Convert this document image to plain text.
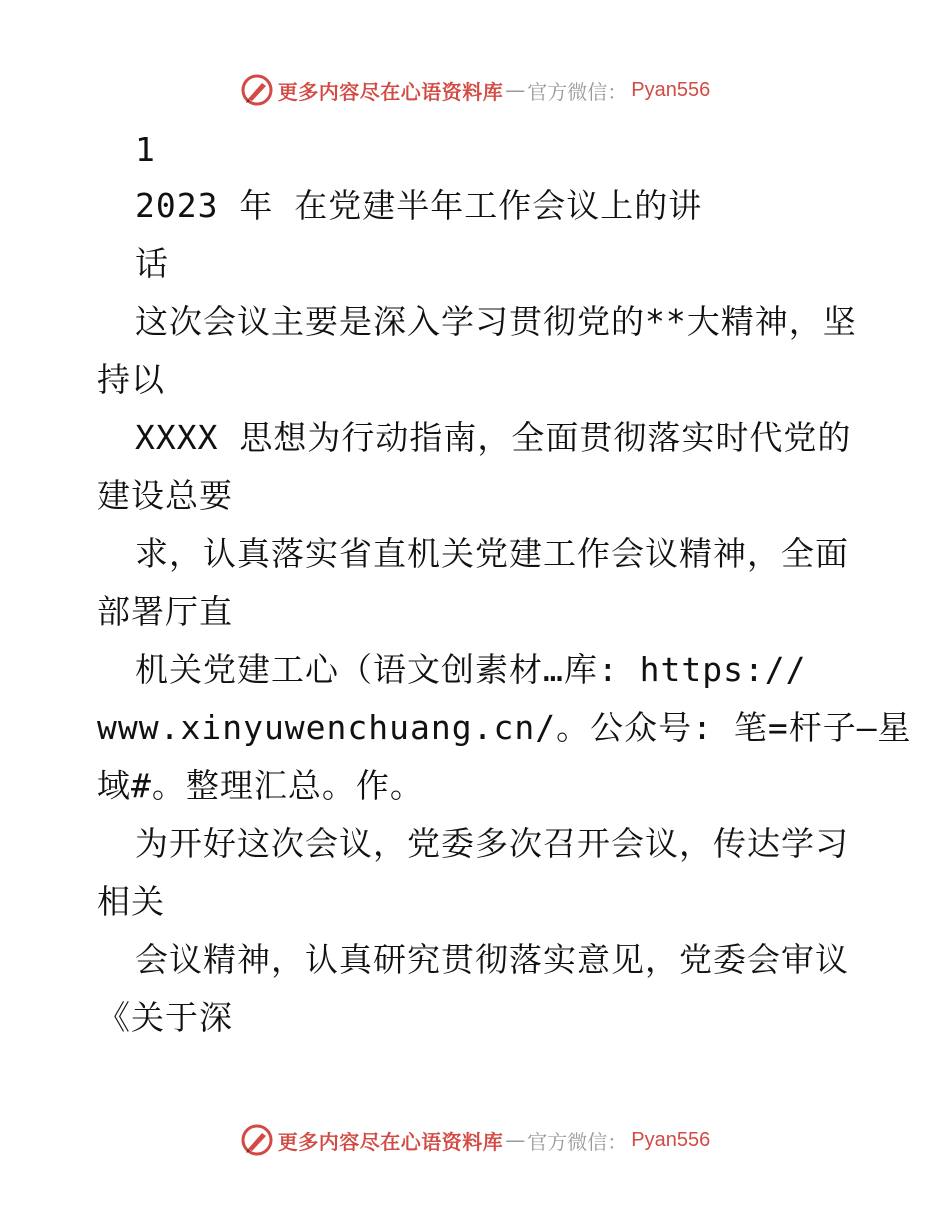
更多内容尽在心语资料库 — 官方微信： Pyan556
1
2023 年 在党建半年工作会议上的讲
话
这次会议主要是深入学习贯彻党的**大精神，坚
持以
XXXX 思想为行动指南，全面贯彻落实时代党的
建设总要
求，认真落实省直机关党建工作会议精神，全面
部署厅直
机关党建工心（语文创素材…库: https://
www.xinyuwenchuang.cn/。公众号: 笔=杆子—星
域#。整理汇总。作。
为开好这次会议，党委多次召开会议，传达学习
相关
会议精神，认真研究贯彻落实意见，党委会审议
《关于深
更多内容尽在心语资料库 — 官方微信： Pyan556
